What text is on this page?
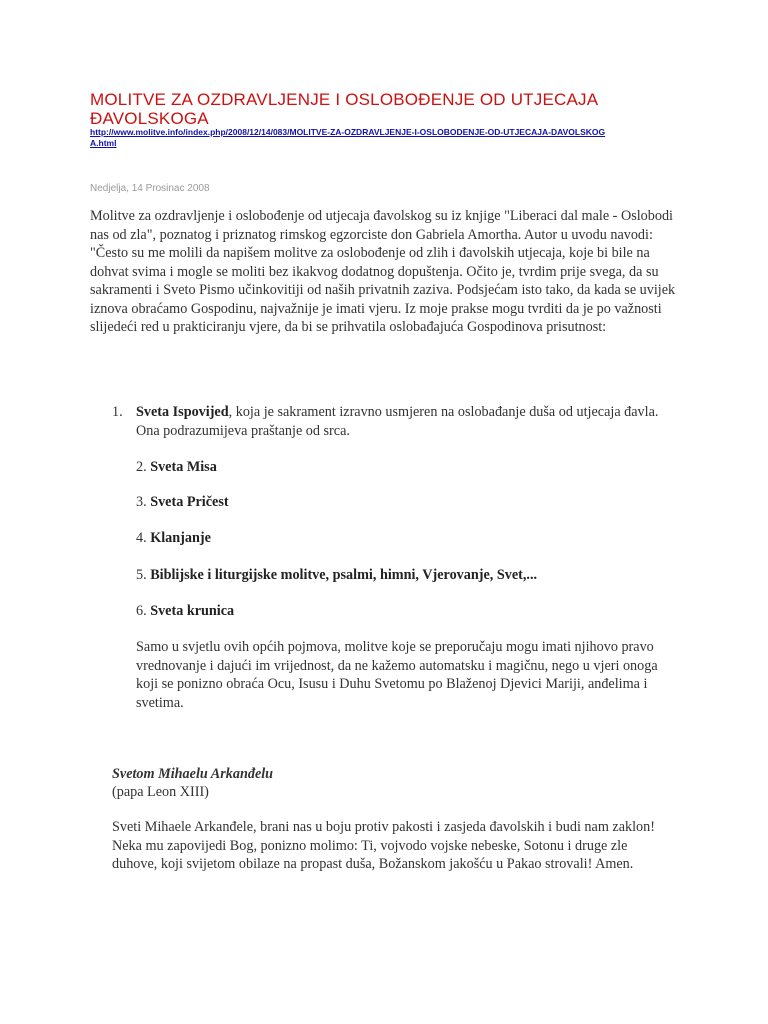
MOLITVE ZA OZDRAVLJENJE I OSLOBOĐENJE OD UTJECAJA ĐAVOLSKOGA
http://www.molitve.info/index.php/2008/12/14/083/MOLITVE-ZA-OZDRAVLJENJE-I-OSLOBODENJE-OD-UTJECAJA-DAVOLSKOGA.html
Nedjelja, 14 Prosinac 2008

Molitve za ozdravljenje i oslobođenje od utjecaja đavolskog su iz knjige "Liberaci dal male - Oslobodi nas od zla", poznatog i priznatog rimskog egzorciste don Gabriela Amortha. Autor u uvodu navodi: "Često su me molili da napišem molitve za oslobođenje od zlih i đavolskih utjecaja, koje bi bile na dohvat svima i mogle se moliti bez ikakvog dodatnog dopuštenja. Očito je, tvrdim prije svega, da su sakramenti i Sveto Pismo učinkovitiji od naših privatnih zaziva. Podsjećam isto tako, da kada se uvijek iznova obraćamo Gospodinu, najvažnije je imati vjeru. Iz moje prakse mogu tvrditi da je po važnosti slijedeći red u prakticiranju vjere, da bi se prihvatila oslobađajuća Gospodinova prisutnost:

1. Sveta Ispovijed, koja je sakrament izravno usmjeren na oslobađanje duša od utjecaja đavla. Ona podrazumijeva praštanje od srca.
2. Sveta Misa
3. Sveta Pričest
4. Klanjanje
5. Biblijske i liturgijske molitve, psalmi, himni, Vjerovanje, Svet,...
6. Sveta krunica

Samo u svjetlu ovih općih pojmova, molitve koje se preporučaju mogu imati njihovo pravo vrednovanje i dajući im vrijednost, da ne kažemo automatsku i magičnu, nego u vjeri onoga koji se ponizno obraća Ocu, Isusu i Duhu Svetomu po Blaženoj Djevici Mariji, anđelima i svetima.

Svetom Mihaelu Arkanđelu
(papa Leon XIII)

Sveti Mihaele Arkanđele, brani nas u boju protiv pakosti i zasjeda đavolskih i budi nam zaklon! Neka mu zapovijedi Bog, ponizno molimo: Ti, vojvodo vojske nebeske, Sotonu i druge zle duhove, koji svijetom obilaze na propast duša, Božanskom jakošću u Pakao strovali! Amen.
